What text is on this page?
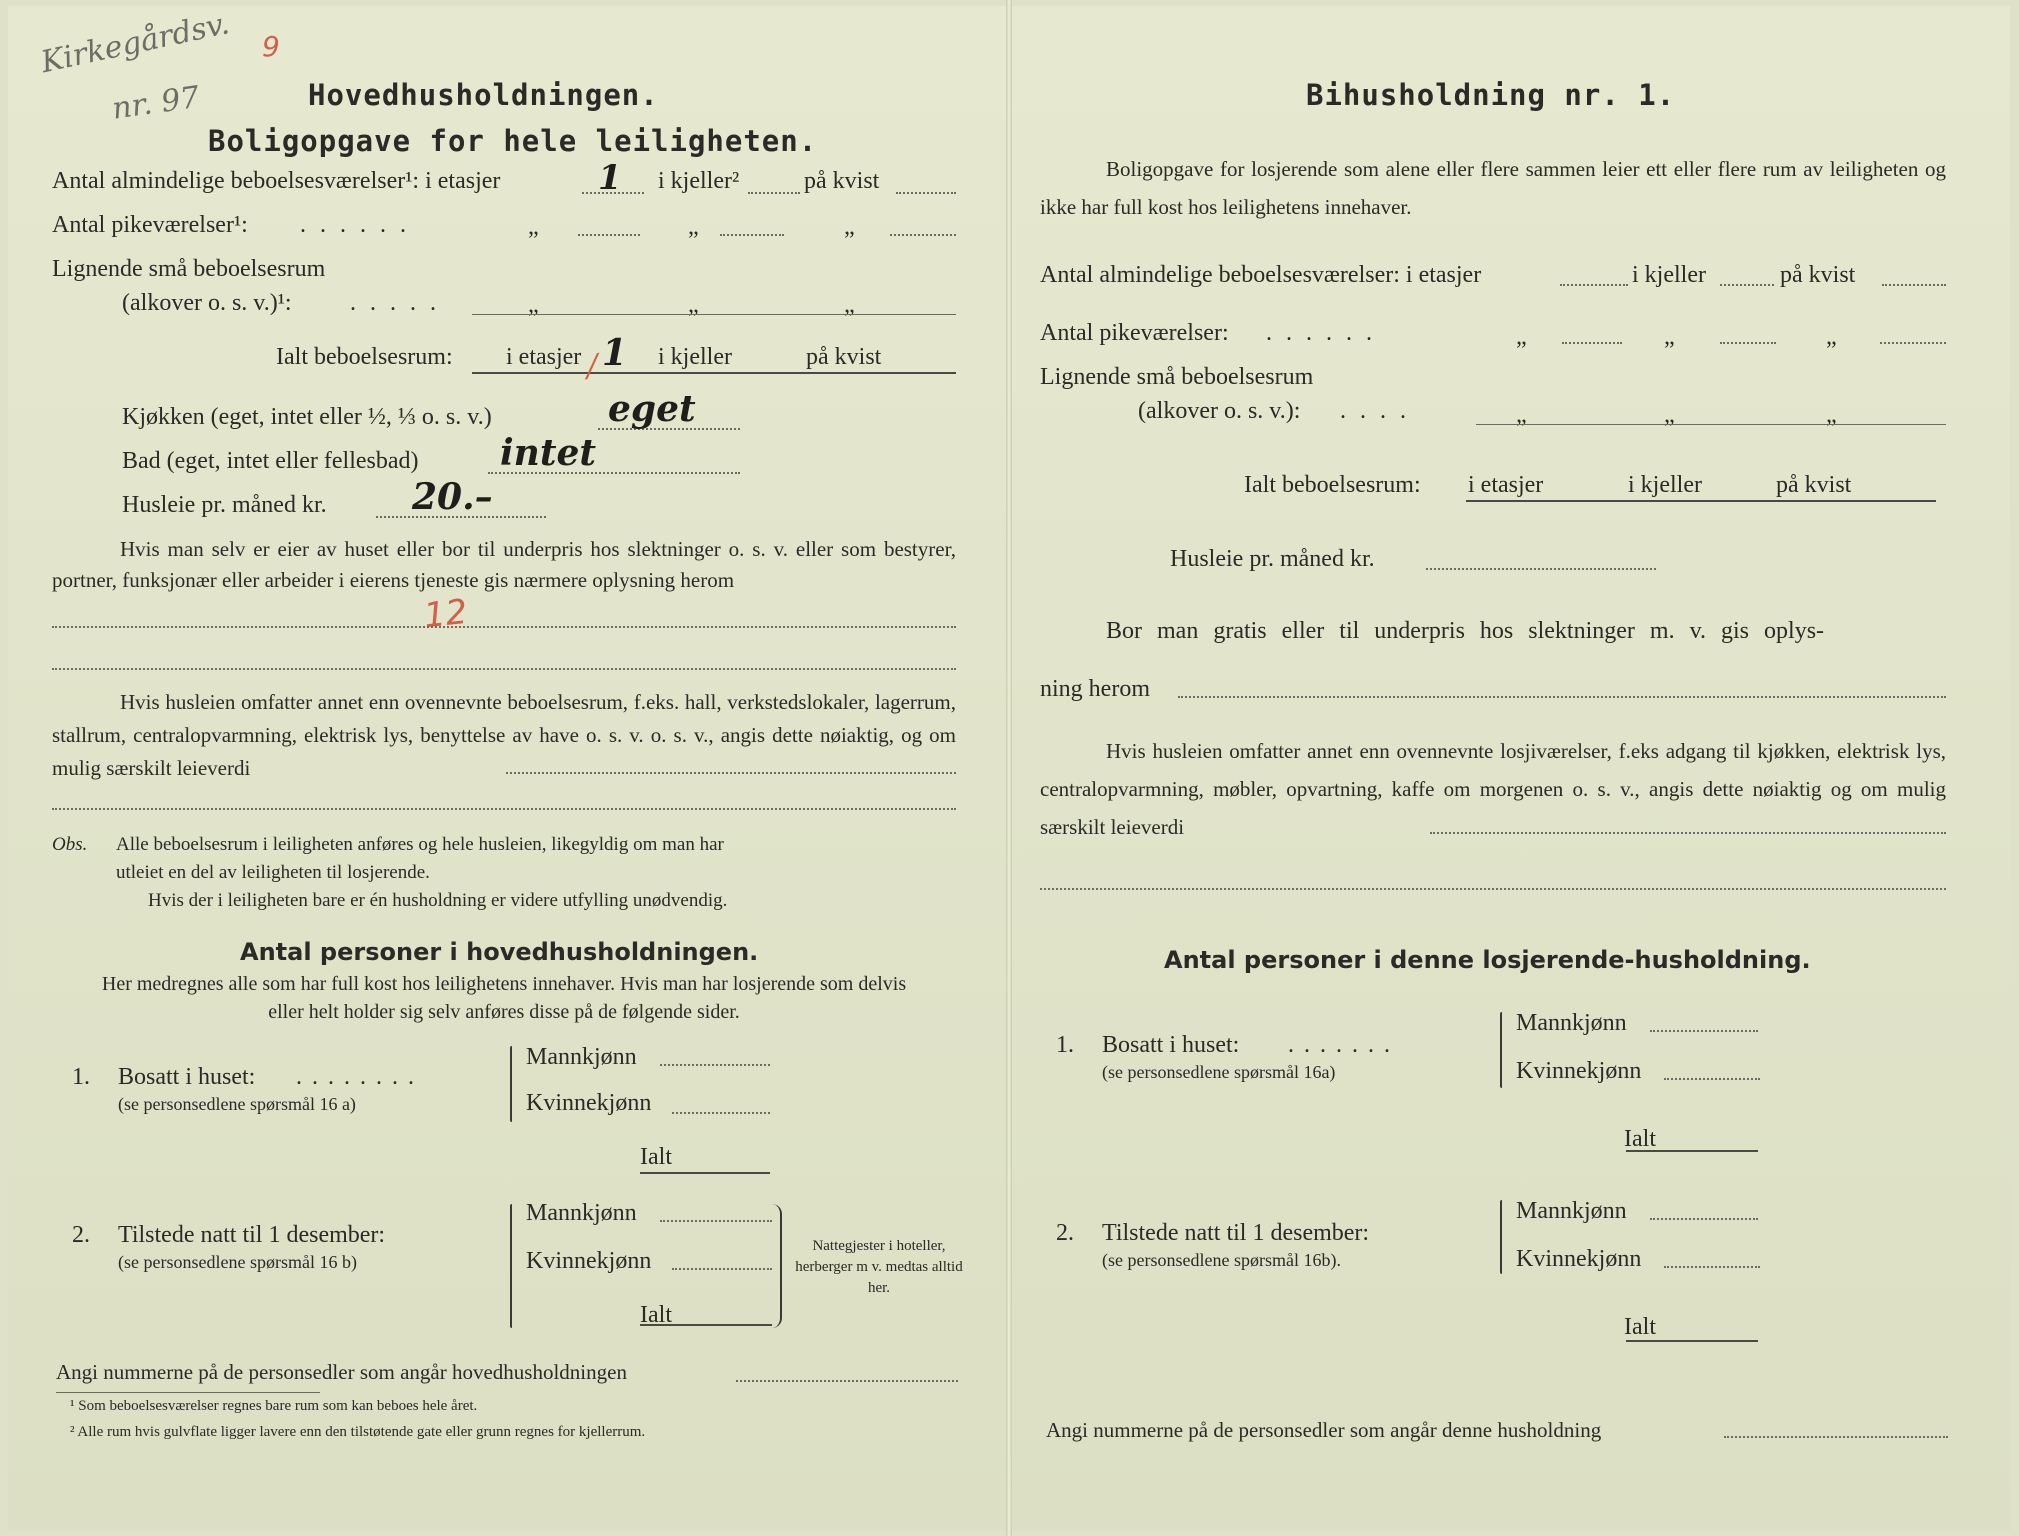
Kirkegårdsv. 9
nr. 97	Hovedhusholdningen.
Boligopgave for hele leiligheten.
Antal almindelige beboelsesværelser¹: i etasjer	1 i kjeller²	på kvist
Antal pikeværelser¹: ......	„	„	„
Lignende små beboelsesrum
(alkover o. s. v.)¹: .....	„	„	„
Ialt beboelsesrum: i etasjer 1 i kjeller	på kvist
⁄
Kjøkken (eget, intet eller ½, ⅓ o. s. v.)	eget
Bad (eget, intet eller fellesbad) intet
Husleie pr. måned kr. 20.–
Hvis man selv er eier av huset eller bor til underpris hos slektninger o. s. v. eller som bestyrer, portner, funksjonær eller arbeider i eierens tjeneste gis nærmere oplysning herom
12
Hvis husleien omfatter annet enn ovennevnte beboelsesrum, f.eks. hall, verkstedslokaler, lagerrum, stallrum, centralopvarmning, elektrisk lys, benyttelse av have o. s. v. o. s. v., angis dette nøiaktig, og om mulig særskilt leieverdi
Obs. Alle beboelsesrum i leiligheten anføres og hele husleien, likegyldig om man har
utleiet en del av leiligheten til losjerende.
Hvis der i leiligheten bare er én husholdning er videre utfylling unødvendig.
Antal personer i hovedhusholdningen.
Her medregnes alle som har full kost hos leilighetens innehaver. Hvis man har losjerende som delvis eller helt holder sig selv anføres disse på de følgende sider.
1. Bosatt i huset: ........
(se personsedlene spørsmål 16 a)
Mannkjønn
Kvinnekjønn
Ialt
2. Tilstede natt til 1 desember:
(se personsedlene spørsmål 16 b)
Mannkjønn
Kvinnekjønn
Ialt
Nattegjester i hoteller, herberger m v. medtas alltid her.
Angi nummerne på de personsedler som angår hovedhusholdningen
¹ Som beboelsesværelser regnes bare rum som kan beboes hele året.
² Alle rum hvis gulvflate ligger lavere enn den tilstøtende gate eller grunn regnes for kjellerrum.
Bihusholdning nr. 1.
Boligopgave for losjerende som alene eller flere sammen leier ett eller flere rum av leiligheten og ikke har full kost hos leilighetens innehaver.
Antal almindelige beboelsesværelser: i etasjer	i kjeller	på kvist
Antal pikeværelser: ......	„	„	„
Lignende små beboelsesrum
(alkover o. s. v.): ....	„	„	„
Ialt beboelsesrum: i etasjer	i kjeller	på kvist
Husleie pr. måned kr.
Bor man gratis eller til underpris hos slektninger m. v. gis oplys-
ning herom
Hvis husleien omfatter annet enn ovennevnte losjiværelser, f.eks adgang til kjøkken, elektrisk lys, centralopvarmning, møbler, opvartning, kaffe om morgenen o. s. v., angis dette nøiaktig og om mulig særskilt leieverdi
Antal personer i denne losjerende-husholdning.
1. Bosatt i huset: .......
(se personsedlene spørsmål 16a)
Mannkjønn
Kvinnekjønn
Ialt
2. Tilstede natt til 1 desember:
(se personsedlene spørsmål 16b).
Mannkjønn
Kvinnekjønn
Ialt
Angi nummerne på de personsedler som angår denne husholdning
